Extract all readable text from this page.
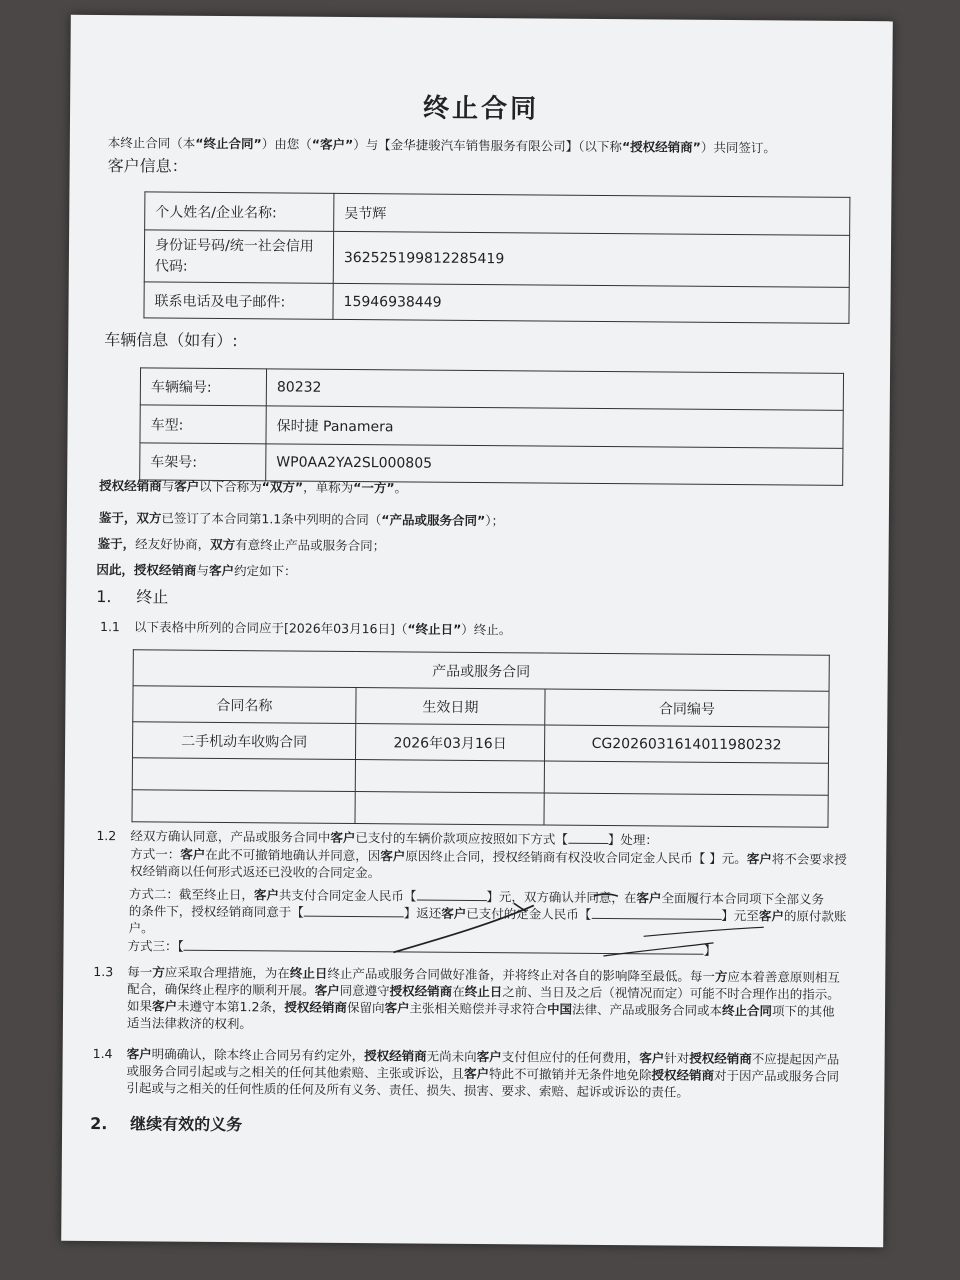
终止合同
本终止合同（本“终止合同”）由您（“客户”）与【金华捷骏汽车销售服务有限公司】（以下称“授权经销商”）共同签订。
客户信息：
个人姓名/企业名称:	吴节辉
身份证号码/统一社会信用代码:	362525199812285419
联系电话及电子邮件:	15946938449
车辆信息（如有）:
车辆编号:	80232
车型:	保时捷 Panamera
车架号:	WP0AA2YA2SL000805
授权经销商与客户以下合称为“双方”，单称为“一方”。
鉴于，双方已签订了本合同第1.1条中列明的合同（“产品或服务合同”）；
鉴于，经友好协商，双方有意终止产品或服务合同；
因此，授权经销商与客户约定如下：
1. 终止
1.1 以下表格中所列的合同应于[2026年03月16日]（“终止日”）终止。
产品或服务合同		
合同名称	生效日期	合同编号
二手机动车收购合同	2026年03月16日	CG2026031614011980232

1.2 经双方确认同意，产品或服务合同中客户已支付的车辆价款项应按照如下方式【	】处理：
方式一：客户在此不可撤销地确认并同意，因客户原因终止合同，授权经销商有权没收合同定金人民币【 】元。客户将不会要求授
权经销商以任何形式返还已没收的合同定金。
方式二：截至终止日，客户共支付合同定金人民币【	】元，双方确认并同意，在客户全面履行本合同项下全部义务
的条件下，授权经销商同意于【	】返还客户已支付的定金人民币【	】元至客户的原付款账
户。
方式三：【	】
1.3 每一方应采取合理措施，为在终止日终止产品或服务合同做好准备，并将终止对各自的影响降至最低。每一方应本着善意原则相互
配合，确保终止程序的顺利开展。客户同意遵守授权经销商在终止日之前、当日及之后（视情况而定）可能不时合理作出的指示。
如果客户未遵守本第1.2条，授权经销商保留向客户主张相关赔偿并寻求符合中国法律、产品或服务合同或本终止合同项下的其他
适当法律救济的权利。
1.4 客户明确确认，除本终止合同另有约定外，授权经销商无尚未向客户支付但应付的任何费用，客户针对授权经销商不应提起因产品
或服务合同引起或与之相关的任何其他索赔、主张或诉讼，且客户特此不可撤销并无条件地免除授权经销商对于因产品或服务合同
引起或与之相关的任何性质的任何及所有义务、责任、损失、损害、要求、索赔、起诉或诉讼的责任。
2. 继续有效的义务
